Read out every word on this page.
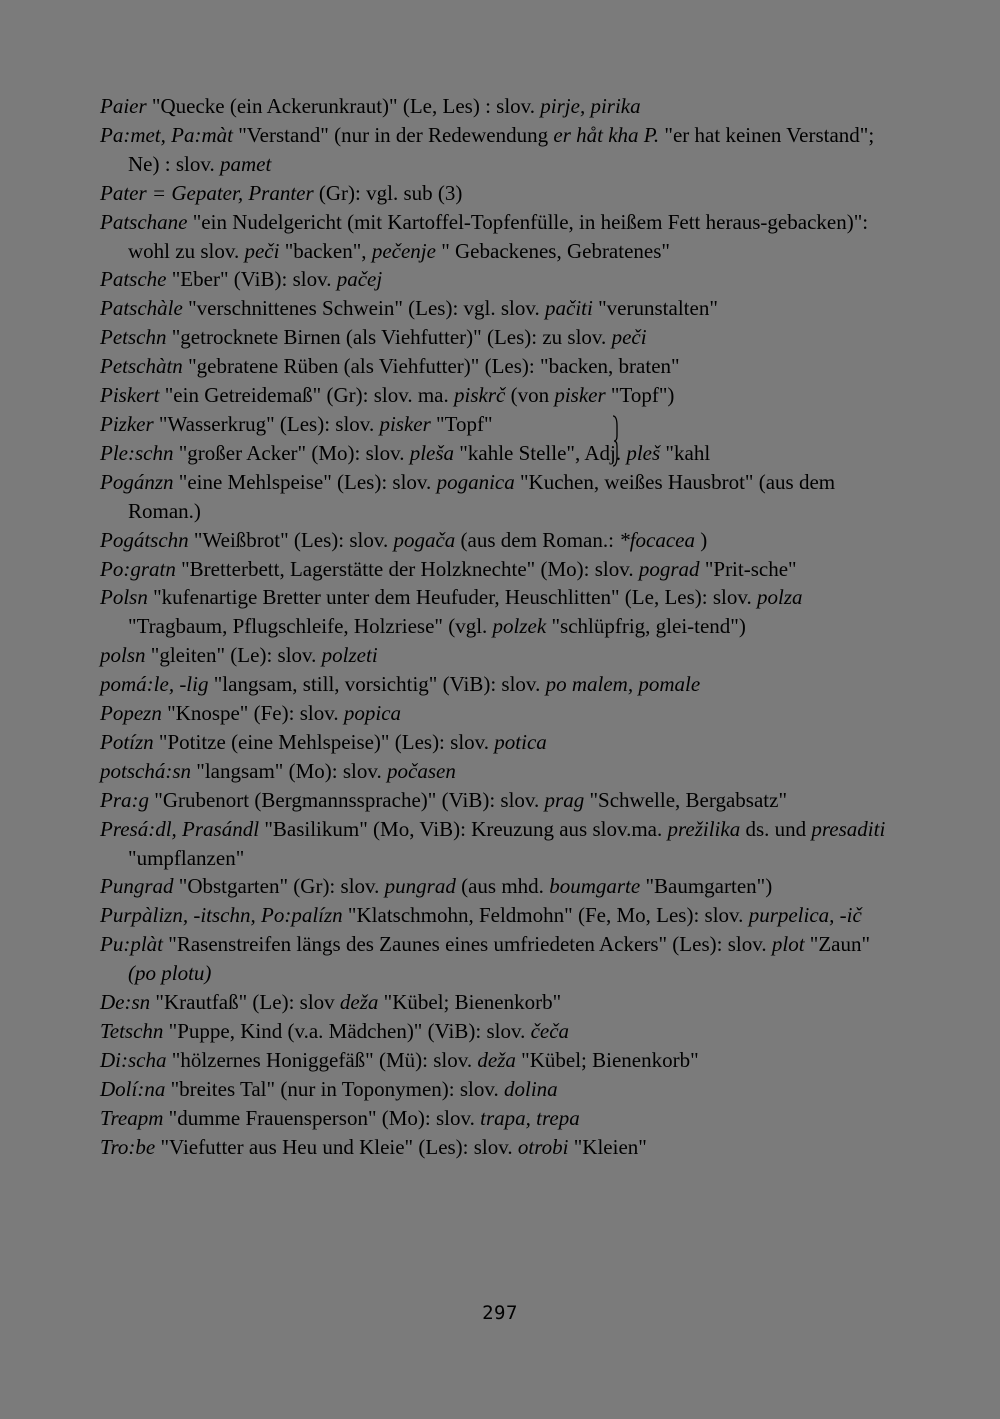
Paier "Quecke (ein Ackerunkraut)" (Le, Les) : slov. pirje, pirika

Pa:met, Pa:màt "Verstand" (nur in der Redewendung er håt kha P. "er hat keinen Verstand"; Ne) : slov. pamet

Pater = Gepater, Pranter (Gr): vgl. sub (3)

Patschane "ein Nudelgericht (mit Kartoffel-Topfenfülle, in heißem Fett heraus-gebacken)": wohl zu slov. peči "backen", pečenje " Gebackenes, Gebratenes"

Patsche "Eber" (ViB): slov. pačej

Patschàle "verschnittenes Schwein" (Les): vgl. slov. pačiti "verunstalten"

Petschn "getrocknete Birnen (als Viehfutter)" (Les): zu slov. peči

Petschàtn "gebratene Rüben (als Viehfutter)" (Les): "backen, braten"

Piskert "ein Getreidemaß" (Gr): slov. ma. piskrč (von pisker "Topf")

Pizker "Wasserkrug" (Les): slov. pisker "Topf"

Ple:schn "großer Acker" (Mo): slov. pleša "kahle Stelle", Adj. pleš "kahl

Pogánzn "eine Mehlspeise" (Les): slov. poganica "Kuchen, weißes Hausbrot" (aus dem Roman.)

Pogátschn "Weißbrot" (Les): slov. pogača (aus dem Roman.: *focacea )

Po:gratn "Bretterbett, Lagerstätte der Holzknechte" (Mo): slov. pograd "Prit-sche"

Polsn "kufenartige Bretter unter dem Heufuder, Heuschlitten" (Le, Les): slov. polza "Tragbaum, Pflugschleife, Holzriese" (vgl. polzek "schlüpfrig, glei-tend")

polsn "gleiten" (Le): slov. polzeti

pomá:le, -lig "langsam, still, vorsichtig" (ViB): slov. po malem, pomale

Popezn "Knospe" (Fe): slov. popica

Potízn "Potitze (eine Mehlspeise)" (Les): slov. potica

potschá:sn "langsam" (Mo): slov. počasen

Pra:g "Grubenort (Bergmannssprache)" (ViB): slov. prag "Schwelle, Bergabsatz"

Presá:dl, Prasándl "Basilikum" (Mo, ViB): Kreuzung aus slov.ma. prežilika ds. und presaditi "umpflanzen"

Pungrad "Obstgarten" (Gr): slov. pungrad (aus mhd. boumgarte "Baumgarten")

Purpàlizn, -itschn, Po:palízn "Klatschmohn, Feldmohn" (Fe, Mo, Les): slov. purpelica, -ič

Pu:plàt "Rasenstreifen längs des Zaunes eines umfriedeten Ackers" (Les): slov. plot "Zaun" (po plotu)

De:sn "Krautfaß" (Le): slov deža "Kübel; Bienenkorb"

Tetschn "Puppe, Kind (v.a. Mädchen)" (ViB): slov. čeča

Di:scha "hölzernes Honiggefäß" (Mü): slov. deža "Kübel; Bienenkorb"

Dolí:na "breites Tal" (nur in Toponymen): slov. dolina

Treapm "dumme Frauensperson" (Mo): slov. trapa, trepa

Tro:be "Viefutter aus Heu und Kleie" (Les): slov. otrobi "Kleien"

297
